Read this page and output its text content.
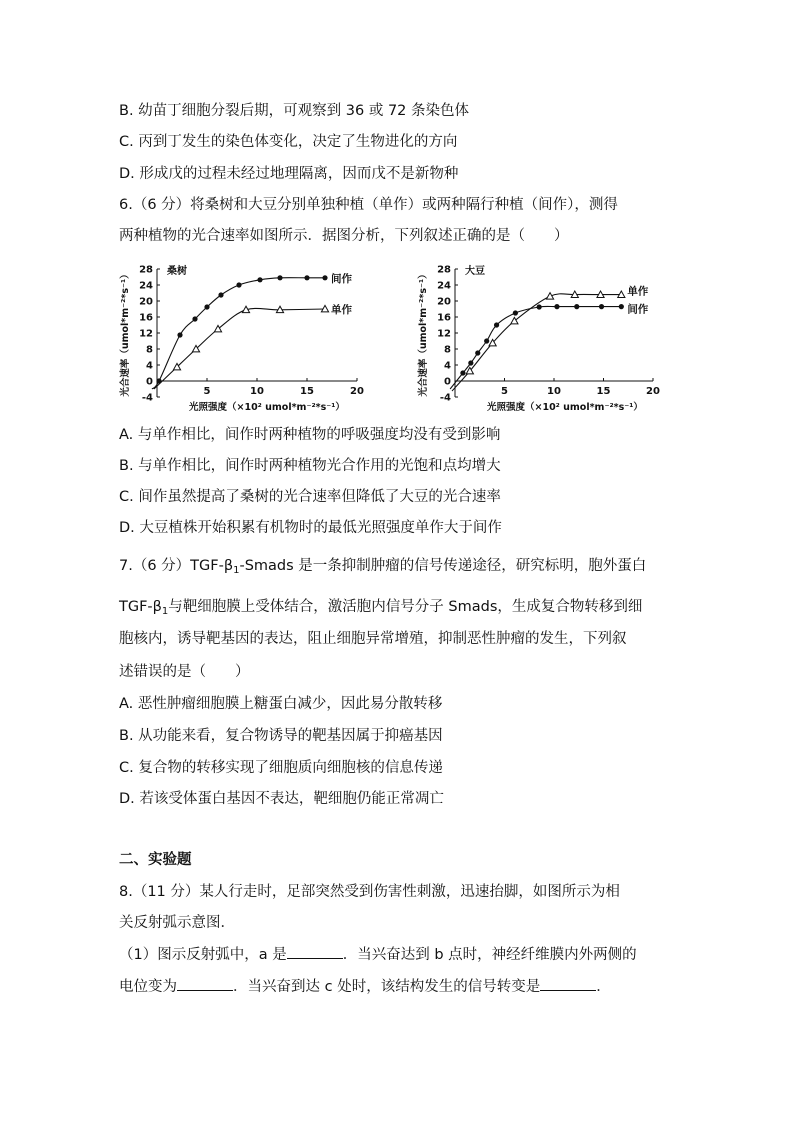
B. 幼苗丁细胞分裂后期，可观察到 36 或 72 条染色体
C. 丙到丁发生的染色体变化，决定了生物进化的方向
D. 形成戊的过程未经过地理隔离，因而戊不是新物种
6.（6 分）将桑树和大豆分别单独种植（单作）或两种隔行种植（间作），测得
两种植物的光合速率如图所示．据图分析，下列叙述正确的是（　　）
-4
0
4
8
12
16
20
24
28
5	10	15	20
桑树
光合速率（umol*m⁻²*s⁻¹）
光照强度（×10² umol*m⁻²*s⁻¹）
间作
单作
-4
0
4
8
12
16
20
24
28
5	10	15	20
大豆
光合速率（umol*m⁻²*s⁻¹）
光照强度（×10² umol*m⁻²*s⁻¹）
单作
间作
A. 与单作相比，间作时两种植物的呼吸强度均没有受到影响
B. 与单作相比，间作时两种植物光合作用的光饱和点均增大
C. 间作虽然提高了桑树的光合速率但降低了大豆的光合速率
D. 大豆植株开始积累有机物时的最低光照强度单作大于间作
7.（6 分）$TGF-\beta_1$-Smads 是一条抑制肿瘤的信号传递途径，研究标明，胞外蛋白
TGF-$\beta_1$与靶细胞膜上受体结合，激活胞内信号分子 Smads，生成复合物转移到细
胞核内，诱导靶基因的表达，阻止细胞异常增殖，抑制恶性肿瘤的发生，下列叙
述错误的是（　　）
A. 恶性肿瘤细胞膜上糖蛋白减少，因此易分散转移
B. 从功能来看，复合物诱导的靶基因属于抑癌基因
C. 复合物的转移实现了细胞质向细胞核的信息传递
D. 若该受体蛋白基因不表达，靶细胞仍能正常凋亡
二、实验题
8.（11 分）某人行走时，足部突然受到伤害性刺激，迅速抬脚，如图所示为相
关反射弧示意图．
（1）图示反射弧中，a 是	．当兴奋达到 b 点时，神经纤维膜内外两侧的
电位变为	．当兴奋到达 c 处时，该结构发生的信号转变是	．
